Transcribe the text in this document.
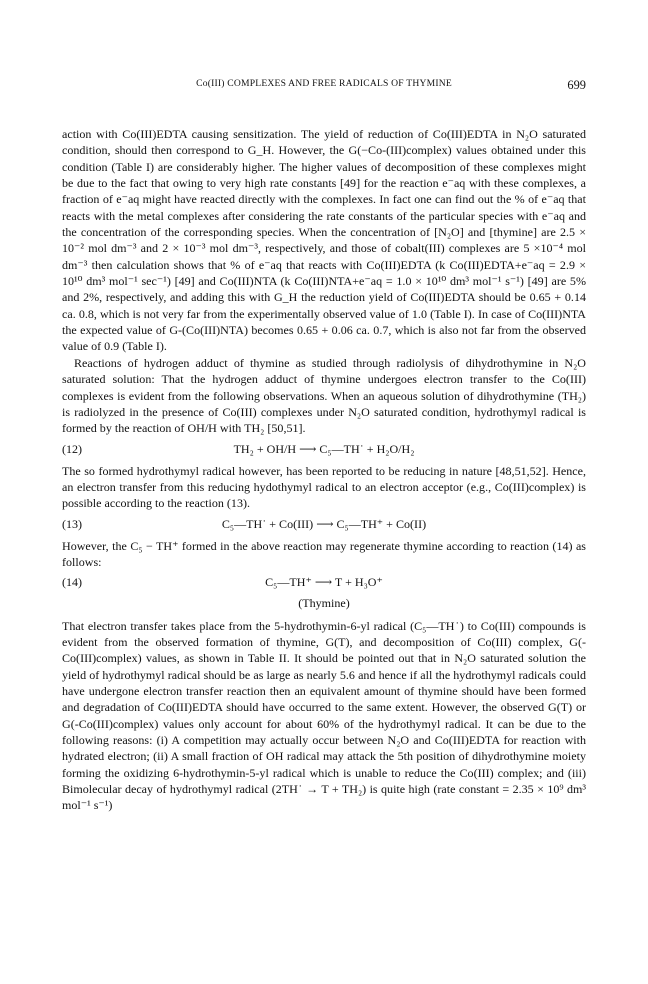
Co(III) COMPLEXES AND FREE RADICALS OF THYMINE	699

action with Co(III)EDTA causing sensitization. The yield of reduction of Co(III)EDTA in N₂O saturated condition, should then correspond to G_H. However, the G(−Co-(III)complex) values obtained under this condition (Table I) are considerably higher. The higher values of decomposition of these complexes might be due to the fact that owing to very high rate constants [49] for the reaction e⁻aq with these complexes, a fraction of e⁻aq might have reacted directly with the complexes. In fact one can find out the % of e⁻aq that reacts with the metal complexes after considering the rate constants of the particular species with e⁻aq and the concentration of the corresponding species. When the concentration of [N₂O] and [thymine] are 2.5 × 10⁻² mol dm⁻³ and 2 × 10⁻³ mol dm⁻³, respectively, and those of cobalt(III) complexes are 5 ×10⁻⁴ mol dm⁻³ then calculation shows that % of e⁻aq that reacts with Co(III)EDTA (k Co(III)EDTA+e⁻aq = 2.9 × 10¹⁰ dm³ mol⁻¹ sec⁻¹) [49] and Co(III)NTA (k Co(III)NTA+e⁻aq = 1.0 × 10¹⁰ dm³ mol⁻¹ s⁻¹) [49] are 5% and 2%, respectively, and adding this with G_H the reduction yield of Co(III)EDTA should be 0.65 + 0.14 ca. 0.8, which is not very far from the experimentally observed value of 1.0 (Table I). In case of Co(III)NTA the expected value of G-(Co(III)NTA) becomes 0.65 + 0.06 ca. 0.7, which is also not far from the observed value of 0.9 (Table I).

Reactions of hydrogen adduct of thymine as studied through radiolysis of dihydrothymine in N₂O saturated solution: That the hydrogen adduct of thymine undergoes electron transfer to the Co(III) complexes is evident from the following observations. When an aqueous solution of dihydrothymine (TH₂) is radiolyzed in the presence of Co(III) complexes under N₂O saturated condition, hydrothymyl radical is formed by the reaction of OH/H with TH₂ [50,51].

(12)	TH₂ + OH/H ⟶ C₅—TH˙ + H₂O/H₂

The so formed hydrothymyl radical however, has been reported to be reducing in nature [48,51,52]. Hence, an electron transfer from this reducing hydothymyl radical to an electron acceptor (e.g., Co(III)complex) is possible according to the reaction (13).

(13)	C₅—TH˙ + Co(III) ⟶ C₅—TH⁺ + Co(II)

However, the C₅ − TH⁺ formed in the above reaction may regenerate thymine according to reaction (14) as follows:

(14)	C₅—TH⁺ ⟶ T + H₃O⁺
(Thymine)

That electron transfer takes place from the 5-hydrothymin-6-yl radical (C₅—TH˙) to Co(III) compounds is evident from the observed formation of thymine, G(T), and decomposition of Co(III) complex, G(-Co(III)complex) values, as shown in Table II. It should be pointed out that in N₂O saturated solution the yield of hydrothymyl radical should be as large as nearly 5.6 and hence if all the hydrothymyl radicals could have undergone electron transfer reaction then an equivalent amount of thymine should have been formed and degradation of Co(III)EDTA should have occurred to the same extent. However, the observed G(T) or G(-Co(III)complex) values only account for about 60% of the hydrothymyl radical. It can be due to the following reasons: (i) A competition may actually occur between N₂O and Co(III)EDTA for reaction with hydrated electron; (ii) A small fraction of OH radical may attack the 5th position of dihydrothymine moiety forming the oxidizing 6-hydrothymin-5-yl radical which is unable to reduce the Co(III) complex; and (iii) Bimolecular decay of hydrothymyl radical (2TH˙ → T + TH₂) is quite high (rate constant = 2.35 × 10⁹ dm³ mol⁻¹ s⁻¹)
